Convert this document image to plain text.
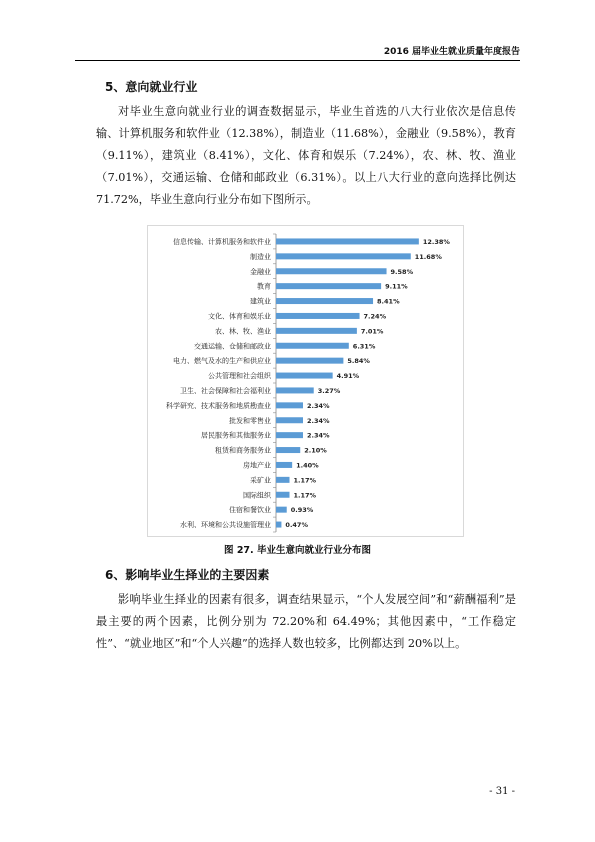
2016 届毕业生就业质量年度报告
5、意向就业行业
对毕业生意向就业行业的调查数据显示，毕业生首选的八大行业依次是信息传输、计算机服务和软件业（12.38%），制造业（11.68%），金融业（9.58%），教育（9.11%），建筑业（8.41%），文化、体育和娱乐（7.24%），农、林、牧、渔业（7.01%），交通运输、仓储和邮政业（6.31%）。以上八大行业的意向选择比例达71.72%，毕业生意向行业分布如下图所示。
信息传输、计算机服务和软件业	12.38%
制造业	11.68%
金融业	9.58%
教育	9.11%
建筑业	8.41%
文化、体育和娱乐业	7.24%
农、林、牧、渔业	7.01%
交通运输、仓储和邮政业	6.31%
电力、燃气及水的生产和供应业	5.84%
公共管理和社会组织	4.91%
卫生、社会保障和社会福利业	3.27%
科学研究、技术服务和地质勘查业	2.34%
批发和零售业	2.34%
居民服务和其他服务业	2.34%
租赁和商务服务业	2.10%
房地产业	1.40%
采矿业	1.17%
国际组织	1.17%
住宿和餐饮业	0.93%
水利、环境和公共设施管理业 0.47%
图 27. 毕业生意向就业行业分布图
6、影响毕业生择业的主要因素
影响毕业生择业的因素有很多，调查结果显示，“个人发展空间”和“薪酬福利”是最主要的两个因素，比例分别为 72.20%和 64.49%；其他因素中，“工作稳定性”、“就业地区”和“个人兴趣”的选择人数也较多，比例都达到 20%以上。
- 31 -
